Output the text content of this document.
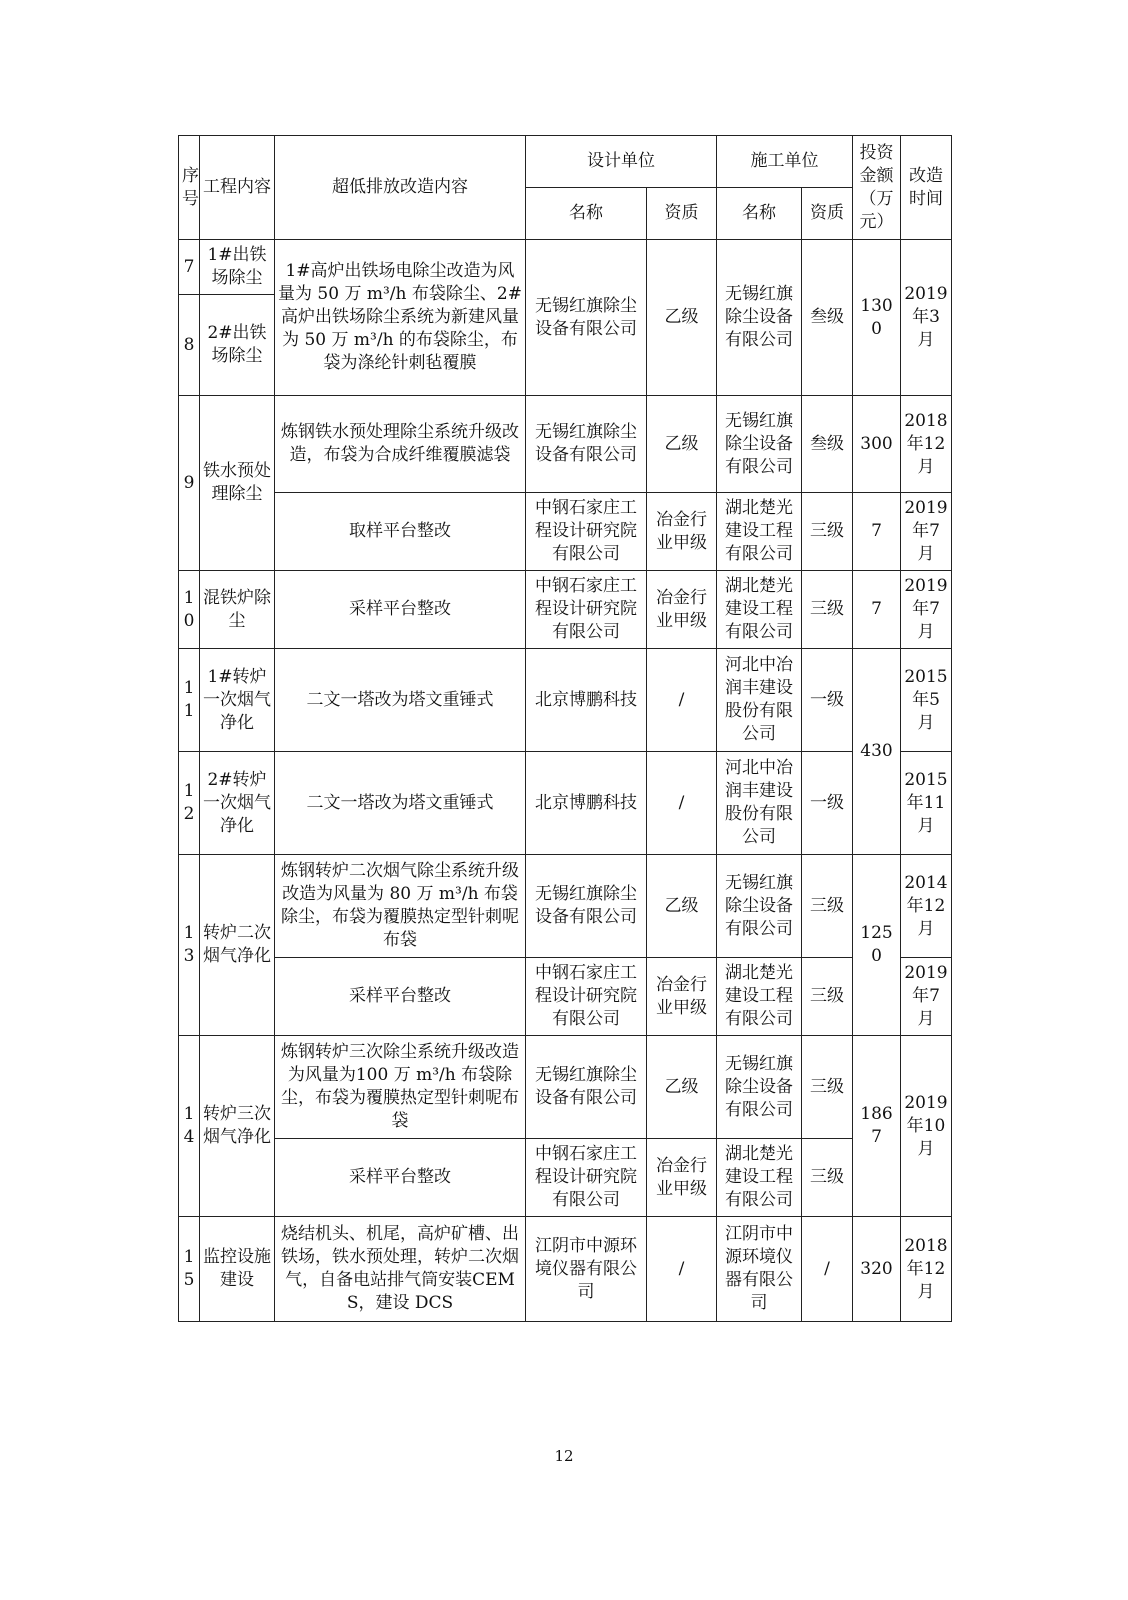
序号	工程内容	超低排放改造内容	设计单位		施工单位		投资金额（万元）	改造时间
			名称	资质	名称	资质		
7	1#出铁场除尘	1#高炉出铁场电除尘改造为风量为 50 万 m³/h 布袋除尘、2#高炉出铁场除尘系统为新建风量为 50 万 m³/h 的布袋除尘，布袋为涤纶针刺毡覆膜	无锡红旗除尘设备有限公司	乙级	无锡红旗除尘设备有限公司	叁级	1300	2019年3月
8	2#出铁场除尘							
9	铁水预处理除尘	炼钢铁水预处理除尘系统升级改造，布袋为合成纤维覆膜滤袋	无锡红旗除尘设备有限公司	乙级	无锡红旗除尘设备有限公司	叁级	300	2018年12月
		取样平台整改	中钢石家庄工程设计研究院有限公司	冶金行业甲级	湖北楚光建设工程有限公司	三级	7	2019年7月
10	混铁炉除尘	采样平台整改	中钢石家庄工程设计研究院有限公司	冶金行业甲级	湖北楚光建设工程有限公司	三级	7	2019年7月
11	1#转炉一次烟气净化	二文一塔改为塔文重锤式	北京博鹏科技	/	河北中冶润丰建设股份有限公司	一级	430	2015年5月
12	2#转炉一次烟气净化	二文一塔改为塔文重锤式	北京博鹏科技	/	河北中冶润丰建设股份有限公司	一级		2015年11月
13	转炉二次烟气净化	炼钢转炉二次烟气除尘系统升级改造为风量为 80 万 m³/h 布袋除尘，布袋为覆膜热定型针刺呢布袋	无锡红旗除尘设备有限公司	乙级	无锡红旗除尘设备有限公司	三级	1250	2014年12月
		采样平台整改	中钢石家庄工程设计研究院有限公司	冶金行业甲级	湖北楚光建设工程有限公司	三级		2019年7月
14	转炉三次烟气净化	炼钢转炉三次除尘系统升级改造为风量为100 万 m³/h 布袋除尘，布袋为覆膜热定型针刺呢布袋	无锡红旗除尘设备有限公司	乙级	无锡红旗除尘设备有限公司	三级	1867	2019年10月
		采样平台整改	中钢石家庄工程设计研究院有限公司	冶金行业甲级	湖北楚光建设工程有限公司	三级		
15	监控设施建设	烧结机头、机尾，高炉矿槽、出铁场，铁水预处理，转炉二次烟气，自备电站排气筒安装CEMS，建设 DCS	江阴市中源环境仪器有限公司	/	江阴市中源环境仪器有限公司	/	320	2018年12月
12
